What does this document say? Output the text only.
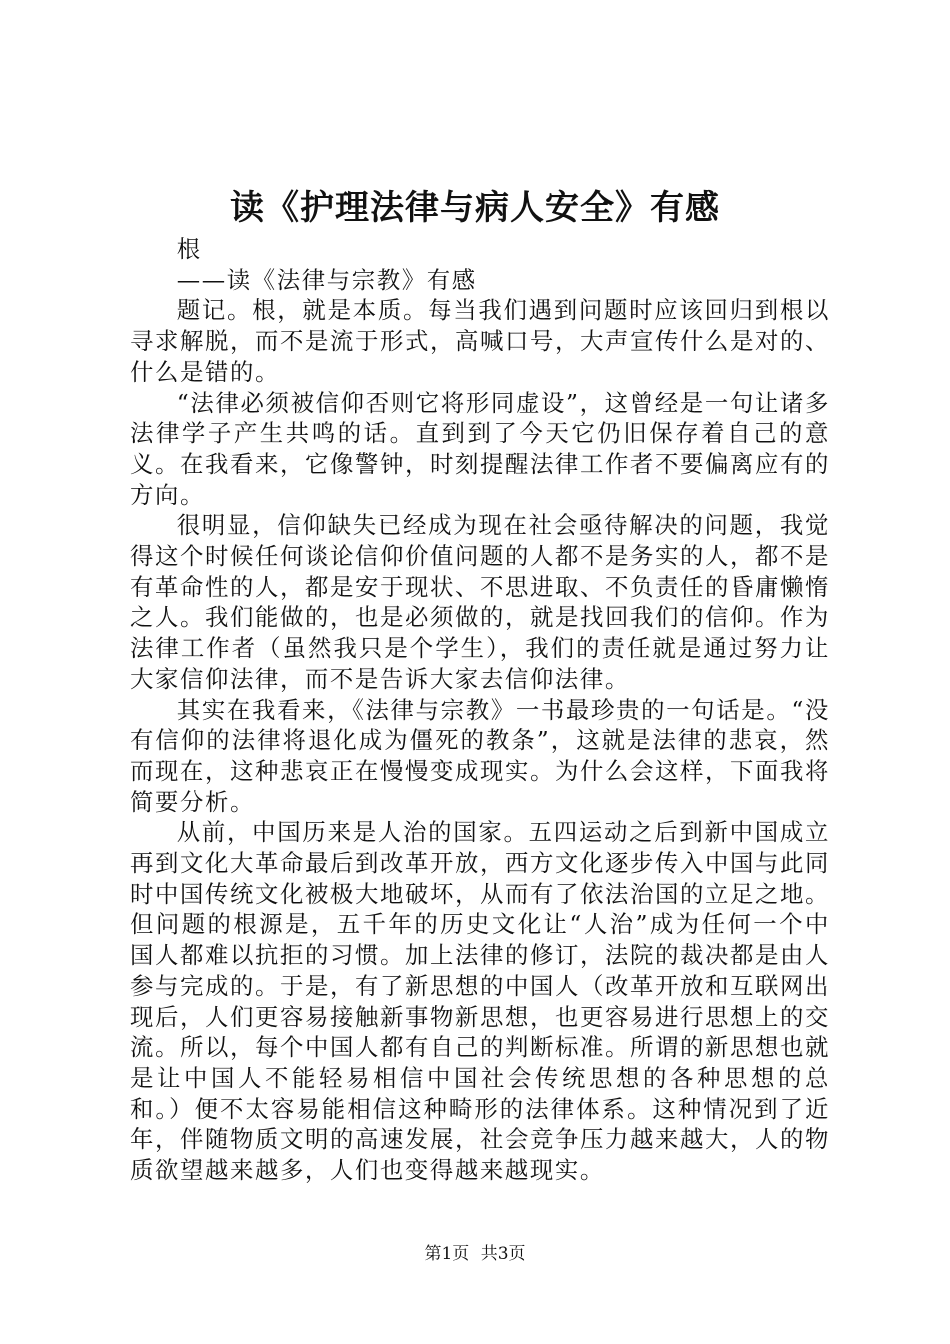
读《护理法律与病人安全》有感

根

——读《法律与宗教》有感

题记。根，就是本质。每当我们遇到问题时应该回归到根以寻求解脱，而不是流于形式，高喊口号，大声宣传什么是对的、什么是错的。

“法律必须被信仰否则它将形同虚设”，这曾经是一句让诸多法律学子产生共鸣的话。直到到了今天它仍旧保存着自己的意义。在我看来，它像警钟，时刻提醒法律工作者不要偏离应有的方向。

很明显，信仰缺失已经成为现在社会亟待解决的问题，我觉得这个时候任何谈论信仰价值问题的人都不是务实的人，都不是有革命性的人，都是安于现状、不思进取、不负责任的昏庸懒惰之人。我们能做的，也是必须做的，就是找回我们的信仰。作为法律工作者（虽然我只是个学生），我们的责任就是通过努力让大家信仰法律，而不是告诉大家去信仰法律。

其实在我看来，《法律与宗教》一书最珍贵的一句话是。“没有信仰的法律将退化成为僵死的教条”，这就是法律的悲哀，然而现在，这种悲哀正在慢慢变成现实。为什么会这样，下面我将简要分析。

从前，中国历来是人治的国家。五四运动之后到新中国成立再到文化大革命最后到改革开放，西方文化逐步传入中国与此同时中国传统文化被极大地破坏，从而有了依法治国的立足之地。但问题的根源是，五千年的历史文化让“人治”成为任何一个中国人都难以抗拒的习惯。加上法律的修订，法院的裁决都是由人参与完成的。于是，有了新思想的中国人（改革开放和互联网出现后，人们更容易接触新事物新思想，也更容易进行思想上的交流。所以，每个中国人都有自己的判断标准。所谓的新思想也就是让中国人不能轻易相信中国社会传统思想的各种思想的总和。）便不太容易能相信这种畸形的法律体系。这种情况到了近年，伴随物质文明的高速发展，社会竞争压力越来越大，人的物质欲望越来越多，人们也变得越来越现实。

第1页 共3页
